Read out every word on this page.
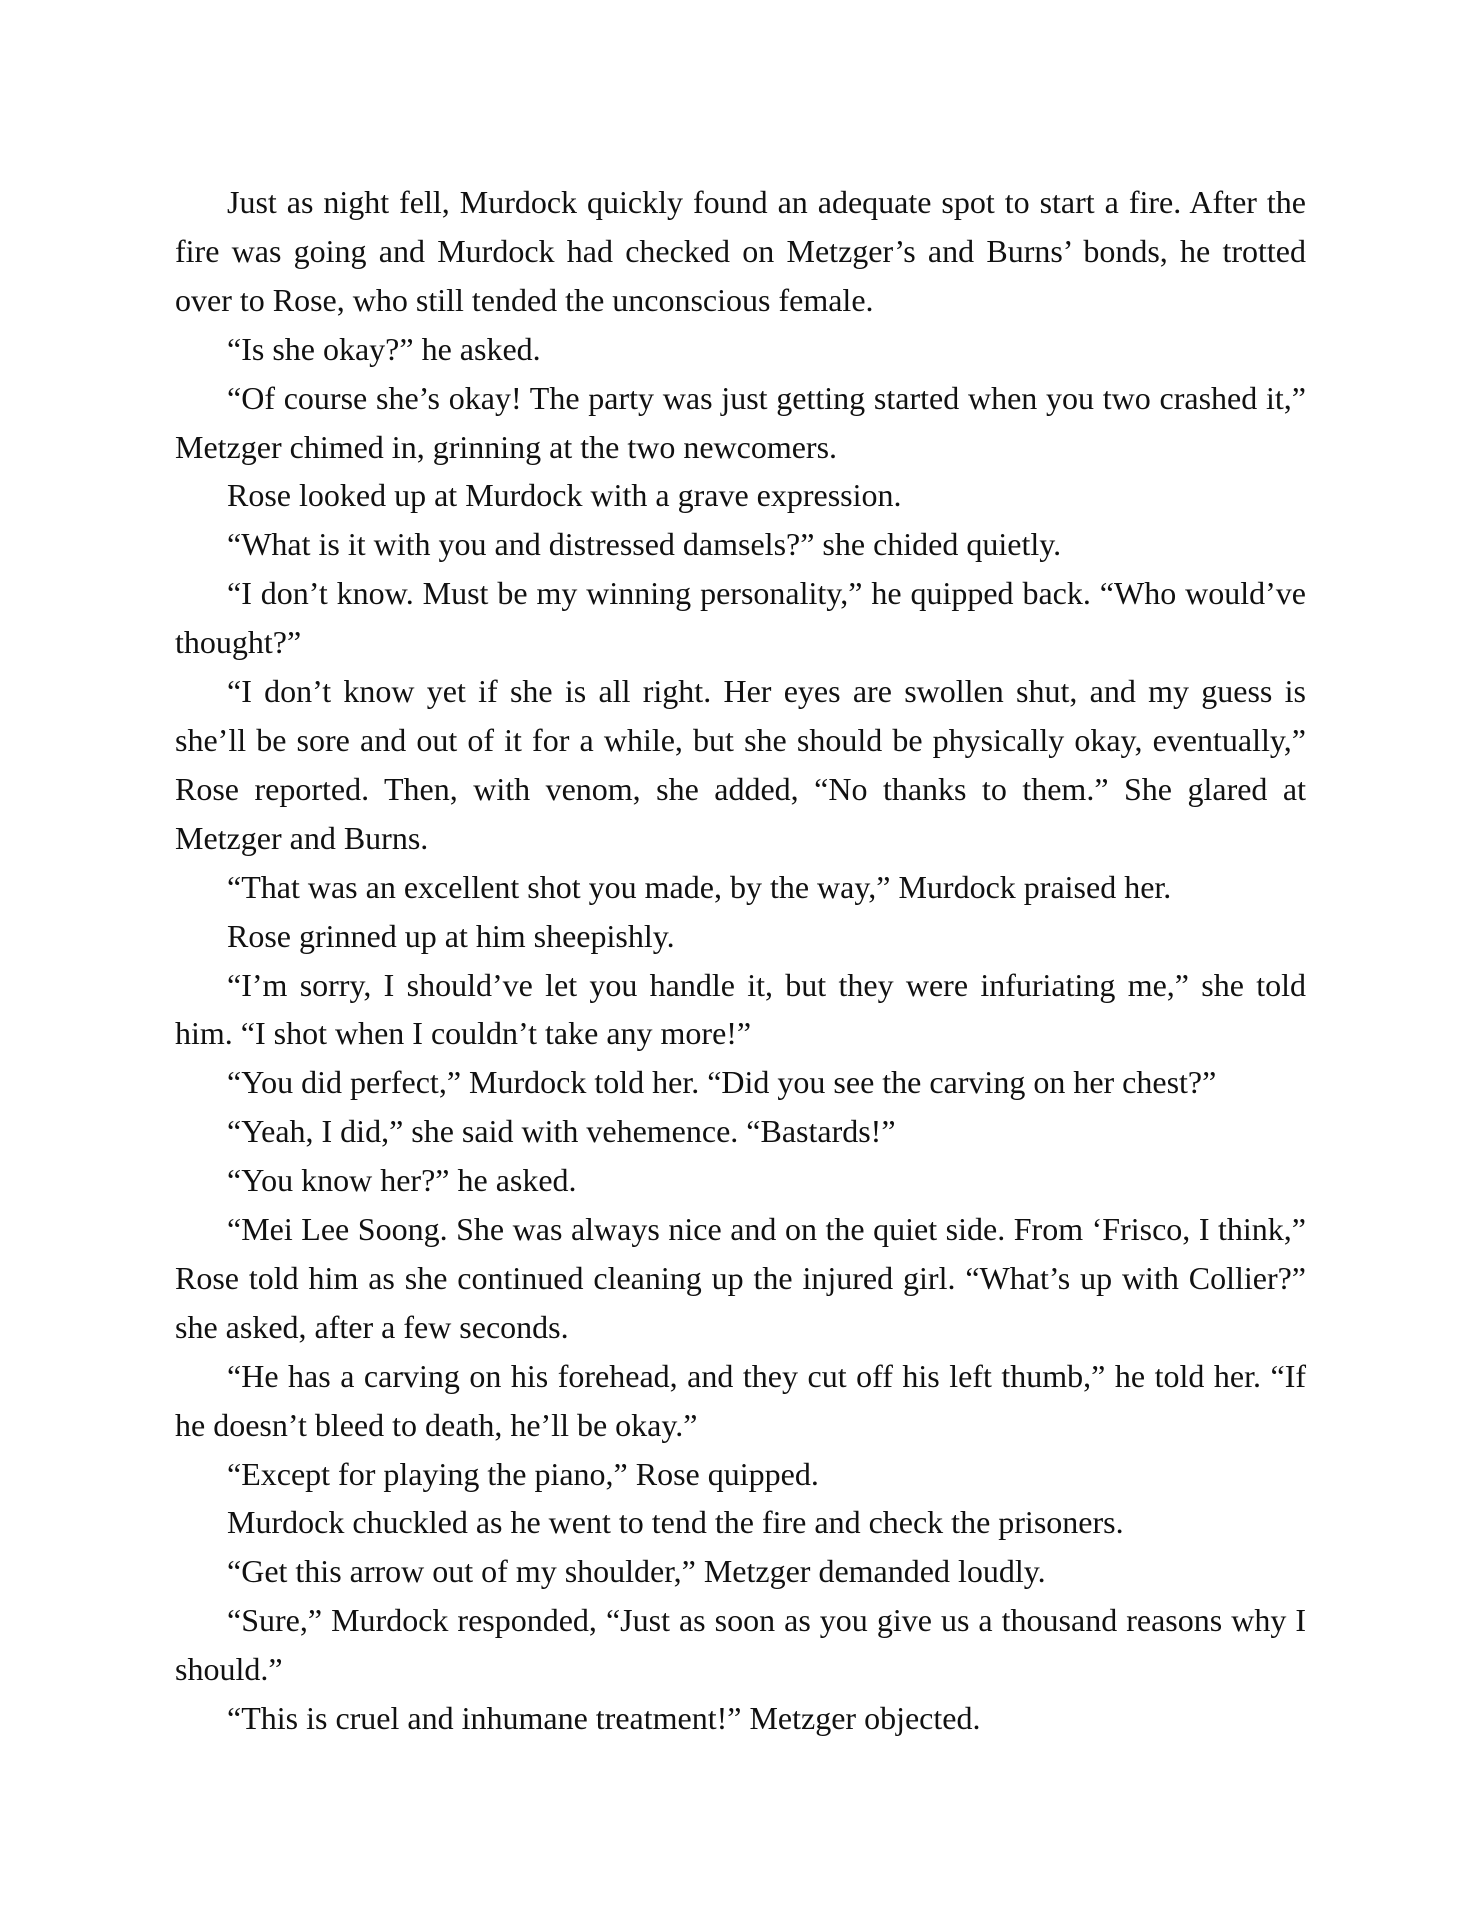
Just as night fell, Murdock quickly found an adequate spot to start a fire. After the fire was going and Murdock had checked on Metzger’s and Burns’ bonds, he trotted over to Rose, who still tended the unconscious female.

“Is she okay?” he asked.

“Of course she’s okay! The party was just getting started when you two crashed it,” Metzger chimed in, grinning at the two newcomers.

Rose looked up at Murdock with a grave expression.

“What is it with you and distressed damsels?” she chided quietly.

“I don’t know. Must be my winning personality,” he quipped back. “Who would’ve thought?”

“I don’t know yet if she is all right. Her eyes are swollen shut, and my guess is she’ll be sore and out of it for a while, but she should be physically okay, eventually,” Rose reported. Then, with venom, she added, “No thanks to them.” She glared at Metzger and Burns.

“That was an excellent shot you made, by the way,” Murdock praised her.

Rose grinned up at him sheepishly.

“I’m sorry, I should’ve let you handle it, but they were infuriating me,” she told him. “I shot when I couldn’t take any more!”

“You did perfect,” Murdock told her. “Did you see the carving on her chest?”

“Yeah, I did,” she said with vehemence. “Bastards!”

“You know her?” he asked.

“Mei Lee Soong. She was always nice and on the quiet side. From ‘Frisco, I think,” Rose told him as she continued cleaning up the injured girl. “What’s up with Collier?” she asked, after a few seconds.

“He has a carving on his forehead, and they cut off his left thumb,” he told her. “If he doesn’t bleed to death, he’ll be okay.”

“Except for playing the piano,” Rose quipped.

Murdock chuckled as he went to tend the fire and check the prisoners.

“Get this arrow out of my shoulder,” Metzger demanded loudly.

“Sure,” Murdock responded, “Just as soon as you give us a thousand reasons why I should.”

“This is cruel and inhumane treatment!” Metzger objected.
